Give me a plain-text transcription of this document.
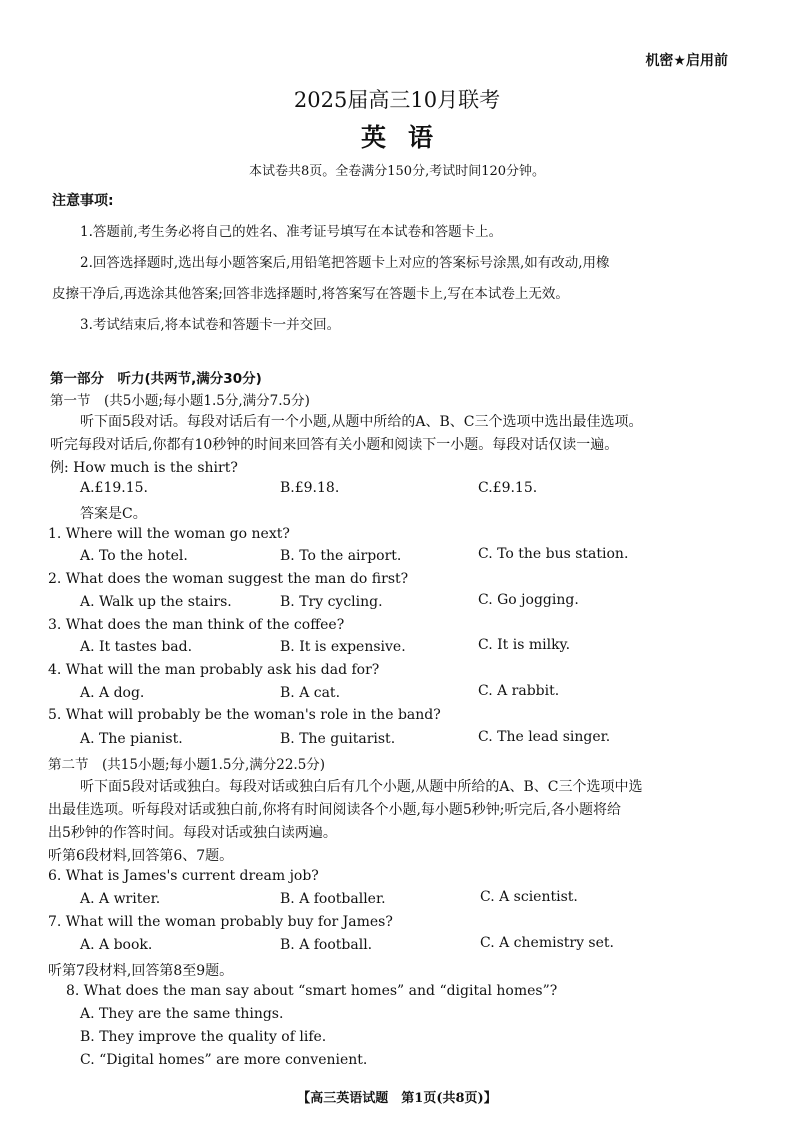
机密★启用前
2025届高三10月联考
英语
本试卷共8页。全卷满分150分,考试时间120分钟。
注意事项:
1.答题前,考生务必将自己的姓名、准考证号填写在本试卷和答题卡上。
2.回答选择题时,选出每小题答案后,用铅笔把答题卡上对应的答案标号涂黑,如有改动,用橡
皮擦干净后,再选涂其他答案;回答非选择题时,将答案写在答题卡上,写在本试卷上无效。
3.考试结束后,将本试卷和答题卡一并交回。
第一部分　听力(共两节,满分30分)
第一节　(共5小题;每小题1.5分,满分7.5分)
听下面5段对话。每段对话后有一个小题,从题中所给的A、B、C三个选项中选出最佳选项。
听完每段对话后,你都有10秒钟的时间来回答有关小题和阅读下一小题。每段对话仅读一遍。
例: How much is the shirt?
A.£19.15.	B.£9.18.	C.£9.15.
答案是C。
1. Where will the woman go next?
A. To the hotel.	B. To the airport.	C. To the bus station.
2. What does the woman suggest the man do first?
A. Walk up the stairs.	B. Try cycling.	C. Go jogging.
3. What does the man think of the coffee?
A. It tastes bad.	B. It is expensive.	C. It is milky.
4. What will the man probably ask his dad for?
A. A dog.	B. A cat.	C. A rabbit.
5. What will probably be the woman's role in the band?
A. The pianist.	B. The guitarist.	C. The lead singer.
第二节　(共15小题;每小题1.5分,满分22.5分)
听下面5段对话或独白。每段对话或独白后有几个小题,从题中所给的A、B、C三个选项中选
出最佳选项。听每段对话或独白前,你将有时间阅读各个小题,每小题5秒钟;听完后,各小题将给
出5秒钟的作答时间。每段对话或独白读两遍。
听第6段材料,回答第6、7题。
6. What is James's current dream job?
A. A writer.	B. A footballer.	C. A scientist.
7. What will the woman probably buy for James?
A. A book.	B. A football.	C. A chemistry set.
听第7段材料,回答第8至9题。
8. What does the man say about “smart homes” and “digital homes”?
A. They are the same things.
B. They improve the quality of life.
C. “Digital homes” are more convenient.
【高三英语试题　第1页(共8页)】
